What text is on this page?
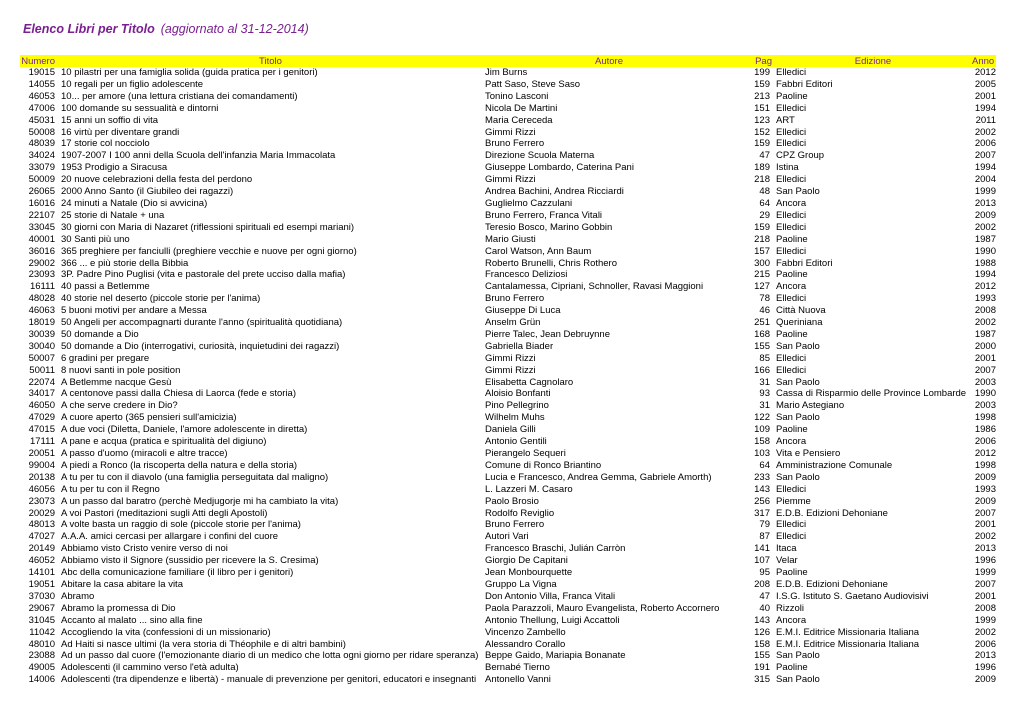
Elenco Libri per Titolo (aggiornato al 31-12-2014)
Numero	Titolo	Autore	Pag	Edizione	Anno
19015	10 pilastri per una famiglia solida (guida pratica per i genitori)	Jim Burns	199	Elledici	2012
14055	10 regali per un figlio adolescente	Patt Saso, Steve Saso	159	Fabbri Editori	2005
46053	10... per amore (una lettura cristiana dei comandamenti)	Tonino Lasconi	213	Paoline	2001
47006	100 domande su sessualità e dintorni	Nicola De Martini	151	Elledici	1994
45031	15 anni un soffio di vita	Maria Cereceda	123	ART	2011
50008	16 virtù per diventare grandi	Gimmi Rizzi	152	Elledici	2002
48039	17 storie col nocciolo	Bruno Ferrero	159	Elledici	2006
34024	1907-2007 I 100 anni della Scuola dell'infanzia Maria Immacolata	Direzione Scuola Materna	47	CPZ Group	2007
33079	1953 Prodigio a Siracusa	Giuseppe Lombardo, Caterina Pani	189	Istina	1994
50009	20 nuove celebrazioni della festa del perdono	Gimmi Rizzi	218	Elledici	2004
26065	2000 Anno Santo (il Giubileo dei ragazzi)	Andrea Bachini, Andrea Ricciardi	48	San Paolo	1999
16016	24 minuti a Natale (Dio si avvicina)	Guglielmo Cazzulani	64	Ancora	2013
22107	25 storie di Natale + una	Bruno Ferrero, Franca Vitali	29	Elledici	2009
33045	30 giorni con Maria di Nazaret (riflessioni spirituali ed esempi mariani)	Teresio Bosco, Marino Gobbin	159	Elledici	2002
40001	30 Santi più uno	Mario Giusti	218	Paoline	1987
36016	365 preghiere per fanciulli (preghiere vecchie e nuove per ogni giorno)	Carol Watson, Ann Baum	157	Elledici	1990
29002	366 ... e più storie della Bibbia	Roberto Brunelli, Chris Rothero	300	Fabbri Editori	1988
23093	3P. Padre Pino Puglisi (vita e pastorale del prete ucciso dalla mafia)	Francesco Deliziosi	215	Paoline	1994
16111	40 passi a Betlemme	Cantalamessa, Cipriani, Schnoller, Ravasi Maggioni	127	Ancora	2012
48028	40 storie nel deserto (piccole storie per l'anima)	Bruno Ferrero	78	Elledici	1993
46063	5 buoni motivi per andare a Messa	Giuseppe Di Luca	46	Città Nuova	2008
18019	50 Angeli per accompagnarti durante l'anno (spiritualità quotidiana)	Anselm Grün	251	Queriniana	2002
30039	50 domande a Dio	Pierre Talec, Jean Debruynne	168	Paoline	1987
30040	50 domande a Dio (interrogativi, curiosità, inquietudini dei ragazzi)	Gabriella Biader	155	San Paolo	2000
50007	6 gradini per pregare	Gimmi Rizzi	85	Elledici	2001
50011	8 nuovi santi in pole position	Gimmi Rizzi	166	Elledici	2007
22074	A Betlemme nacque Gesù	Elisabetta Cagnolaro	31	San Paolo	2003
34017	A centonove passi dalla Chiesa di Laorca (fede e storia)	Aloisio Bonfanti	93	Cassa di Risparmio delle Province Lombarde	1990
46050	A che serve credere in Dio?	Pino Pellegrino	31	Mario Astegiano	2003
47029	A cuore aperto (365 pensieri sull'amicizia)	Wilhelm Muhs	122	San Paolo	1998
47015	A due voci (Diletta, Daniele, l'amore adolescente in diretta)	Daniela Gilli	109	Paoline	1986
17111	A pane e acqua (pratica e spiritualità del digiuno)	Antonio Gentili	158	Ancora	2006
20051	A passo d'uomo (miracoli e altre tracce)	Pierangelo Sequeri	103	Vita e Pensiero	2012
99004	A piedi a Ronco (la riscoperta della natura e della storia)	Comune di Ronco Briantino	64	Amministrazione Comunale	1998
20138	A tu per tu con il diavolo (una famiglia perseguitata dal maligno)	Lucia e Francesco, Andrea Gemma, Gabriele Amorth)	233	San Paolo	2009
46056	A tu per tu con il Regno	L. Lazzeri M. Casaro	143	Elledici	1993
23073	A un passo dal baratro (perchè Medjugorje mi ha cambiato la vita)	Paolo Brosio	256	Piemme	2009
20029	A voi Pastori (meditazioni sugli Atti degli Apostoli)	Rodolfo Reviglio	317	E.D.B. Edizioni Dehoniane	2007
48013	A volte basta un raggio di sole (piccole storie per l'anima)	Bruno Ferrero	79	Elledici	2001
47027	A.A.A. amici cercasi per allargare i confini del cuore	Autori Vari	87	Elledici	2002
20149	Abbiamo visto Cristo venire verso di noi	Francesco Braschi, Julián Carròn	141	Itaca	2013
46052	Abbiamo visto il Signore (sussidio per ricevere la S. Cresima)	Giorgio De Capitani	107	Velar	1996
14101	Abc della comunicazione familiare (il libro per i genitori)	Jean Monbourquette	95	Paoline	1999
19051	Abitare la casa abitare la vita	Gruppo La Vigna	208	E.D.B. Edizioni Dehoniane	2007
37030	Abramo	Don Antonio Villa, Franca Vitali	47	I.S.G. Istituto S. Gaetano Audiovisivi	2001
29067	Abramo la promessa di Dio	Paola Parazzoli, Mauro Evangelista, Roberto Accornero	40	Rizzoli	2008
31045	Accanto al malato ... sino alla fine	Antonio Thellung, Luigi Accattoli	143	Ancora	1999
11042	Accogliendo la vita (confessioni di un missionario)	Vincenzo Zambello	126	E.M.I. Editrice Missionaria Italiana	2002
48010	Ad Haiti si nasce ultimi (la vera storia di Théophile e di altri bambini)	Alessandro Corallo	158	E.M.I. Editrice Missionaria Italiana	2006
23088	Ad un passo dal cuore (l'emozionante diario di un medico che lotta ogni giorno per ridare speranza)	Beppe Gaido, Mariapia Bonanate	155	San Paolo	2013
49005	Adolescenti (il cammino verso l'età adulta)	Bernabé Tierno	191	Paoline	1996
14006	Adolescenti (tra dipendenze e libertà) - manuale di prevenzione per genitori, educatori e insegnanti	Antonello Vanni	315	San Paolo	2009
